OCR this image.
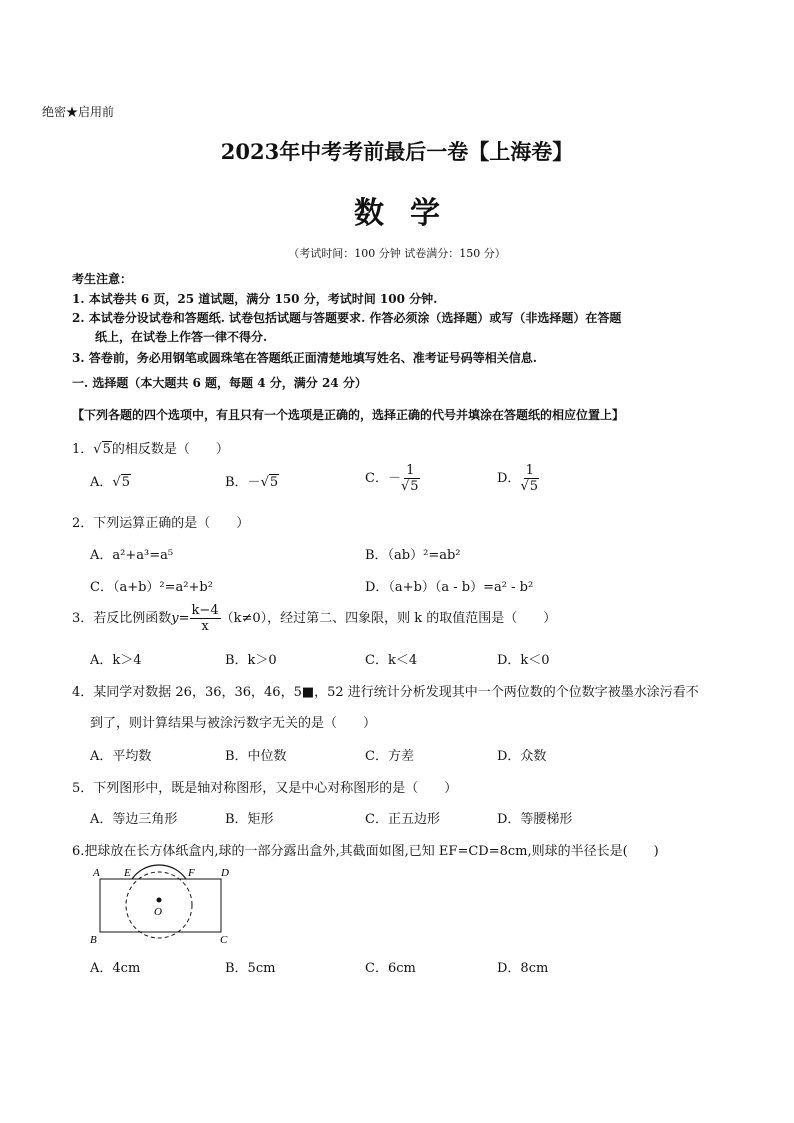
绝密★启用前
2023年中考考前最后一卷【上海卷】
数学
（考试时间：100 分钟 试卷满分：150 分）
考生注意：
1. 本试卷共 6 页，25 道试题，满分 150 分，考试时间 100 分钟.
2. 本试卷分设试卷和答题纸. 试卷包括试题与答题要求. 作答必须涂（选择题）或写（非选择题）在答题
纸上，在试卷上作答一律不得分.
3. 答卷前，务必用钢笔或圆珠笔在答题纸正面清楚地填写姓名、准考证号码等相关信息.
一. 选择题（本大题共 6 题，每题 4 分，满分 24 分）
【下列各题的四个选项中，有且只有一个选项是正确的，选择正确的代号并填涂在答题纸的相应位置上】
1．√5的相反数是（　　）
A．√5	B．－√5	C．－ $\frac{1}{√5}$	D． $\frac{1}{√5}$
2．下列运算正确的是（　　）
A．a²+a³=a⁵	B．（ab）²=ab²
C．（a+b）²=a²+b²	D．（a+b）（a - b）=a² - b²
3．若反比例函数$y= \frac{k-4}{x} (k\ne 0)$，经过第二、四象限，则 k 的取值范围是（　　）
A．k＞4	B．k＞0	C．k＜4	D．k＜0
4．某同学对数据 26，36，36，46，5■，52 进行统计分析发现其中一个两位数的个位数字被墨水涂污看不
到了，则计算结果与被涂污数字无关的是（　　）
A．平均数	B．中位数	C．方差	D．众数
5．下列图形中，既是轴对称图形，又是中心对称图形的是（　　）
A．等边三角形	B．矩形	C．正五边形	D．等腰梯形
6.把球放在长方体纸盒内,球的一部分露出盒外,其截面如图,已知 EF=CD=8cm,则球的半径长是(　　)
A E	F D
O
B	C
A．4cm	B．5cm	C．6cm	D．8cm
